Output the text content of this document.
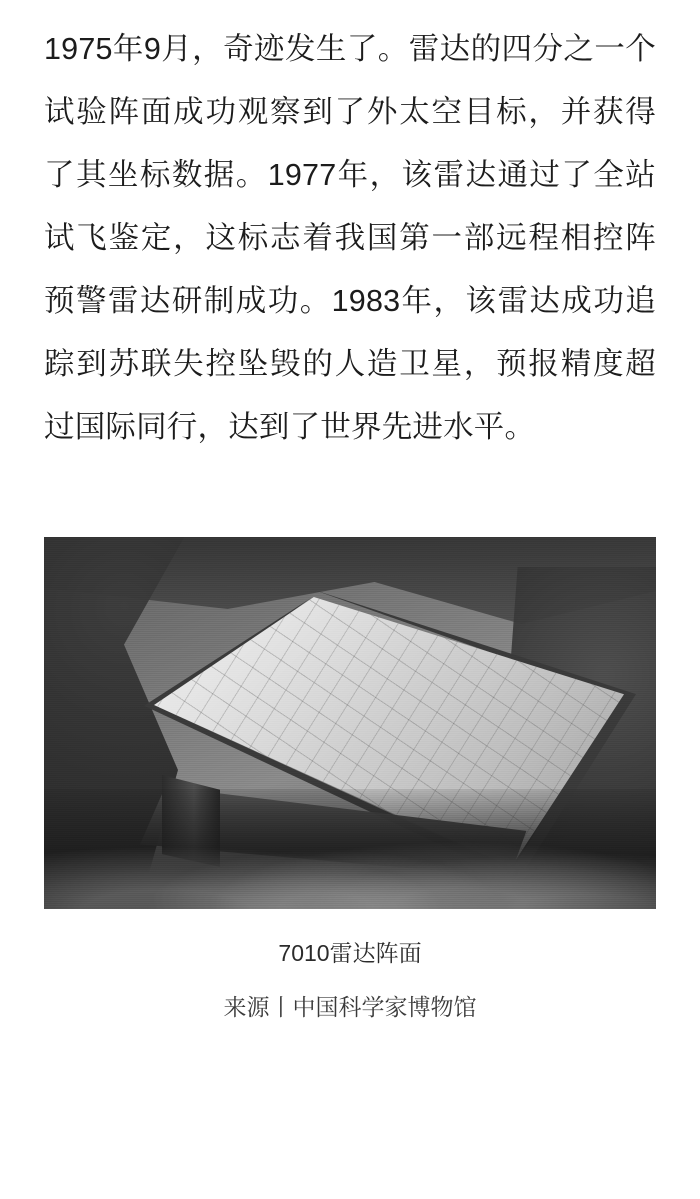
1975年9月，奇迹发生了。雷达的四分之一个试验阵面成功观察到了外太空目标，并获得了其坐标数据。1977年，该雷达通过了全站试飞鉴定，这标志着我国第一部远程相控阵预警雷达研制成功。1983年，该雷达成功追踪到苏联失控坠毁的人造卫星，预报精度超过国际同行，达到了世界先进水平。

7010雷达阵面
来源丨中国科学家博物馆
